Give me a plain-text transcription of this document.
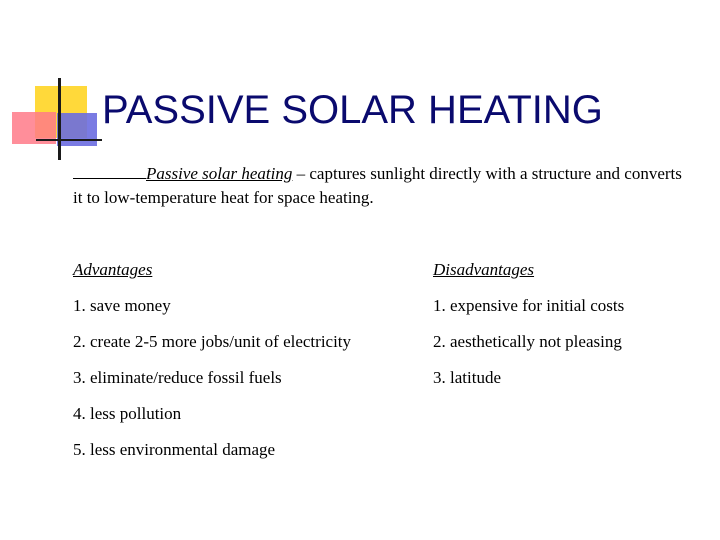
PASSIVE SOLAR HEATING
Passive solar heating – captures sunlight directly with a structure and converts it to low-temperature heat for space heating.
Advantages
1. save money
2. create 2-5 more jobs/unit of electricity
3. eliminate/reduce fossil fuels
4. less pollution
5. less environmental damage
Disadvantages
1. expensive for initial costs
2. aesthetically not pleasing
3. latitude
